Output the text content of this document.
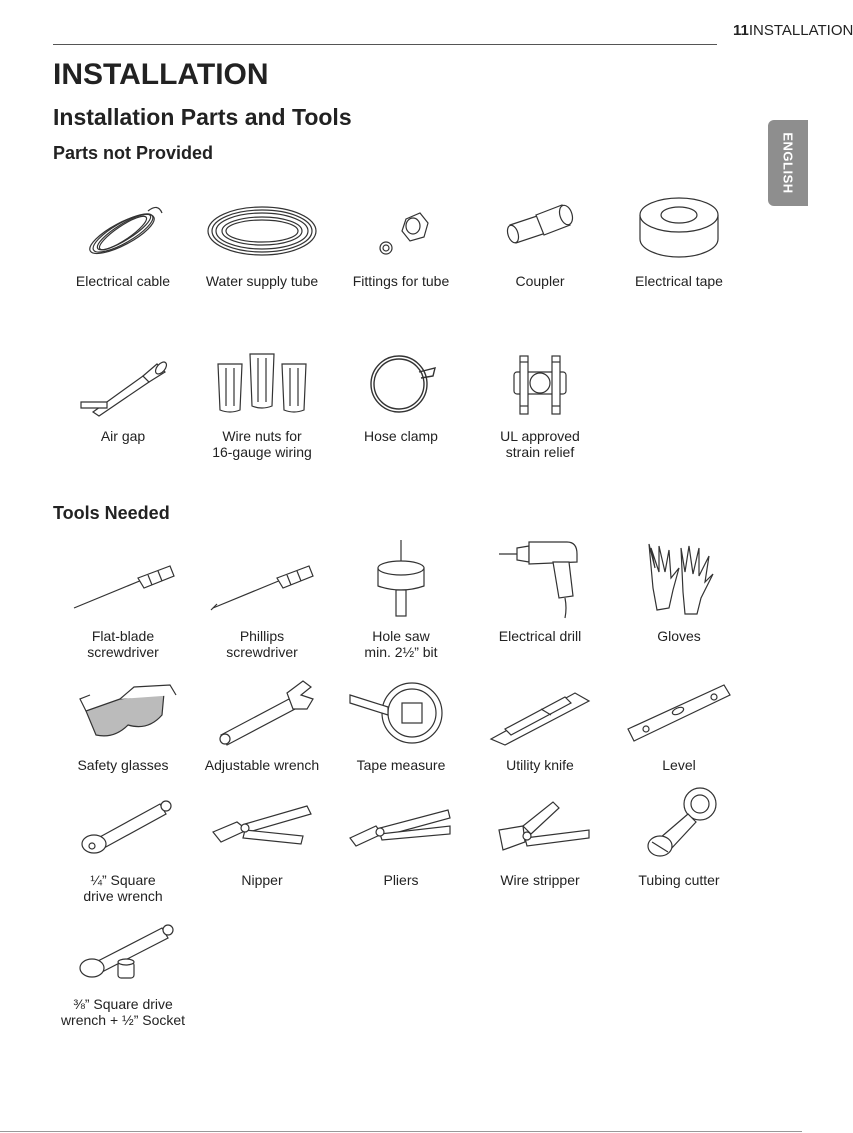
11INSTALLATION
ENGLISH
INSTALLATION
Installation Parts and Tools
Parts not Provided
Tools Needed
Electrical cable	Water supply tube	Fittings for tube	Coupler	Electrical tape
Air gap	Wire nuts for
16-gauge wiring
Hose clamp	UL approved
strain relief
Flat-blade
screwdriver
Phillips
screwdriver
Hole saw
min. 2½” bit
Electrical drill	Gloves
Safety glasses	Adjustable wrench	Tape measure	Utility knife	Level
¼” Square
drive wrench
Nipper	Pliers	Wire stripper	Tubing cutter
⅜” Square drive
wrench + ½” Socket
